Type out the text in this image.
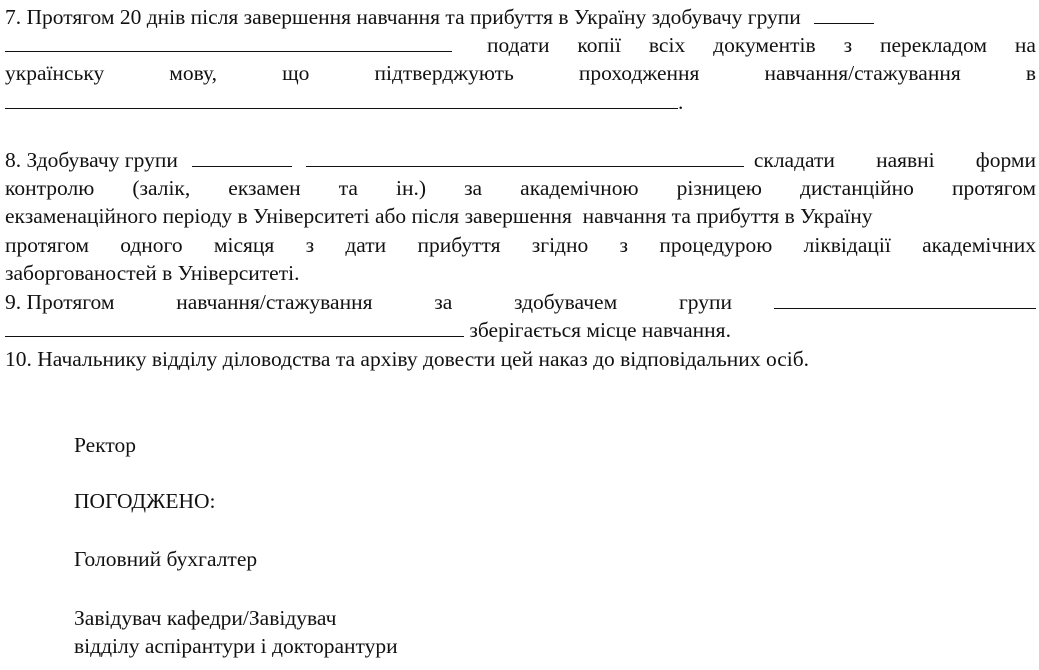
7. Протягом 20 днів після завершення навчання та прибуття в Україну здобувачу групи
подати копії всіх документів з перекладом на
українську	мову,	що	підтверджують	проходження	навчання/стажування	в
.
8. Здобувачу групи	складати наявні форми
контролю (залік, екзамен та ін.) за академічною різницею дистанційно протягом
екзаменаційного періоду в Університеті або після завершення  навчання та прибуття в Україну
протягом одного місяця з дати прибуття згідно з процедурою ліквідації академічних
заборгованостей в Університеті.
9. Протягом	навчання/стажування	за	здобувачем	групи
зберігається місце навчання.
10. Начальнику відділу діловодства та архіву довести цей наказ до відповідальних осіб.
Ректор
ПОГОДЖЕНО:
Головний бухгалтер
Завідувач кафедри/Завідувач
відділу аспірантури і докторантури
